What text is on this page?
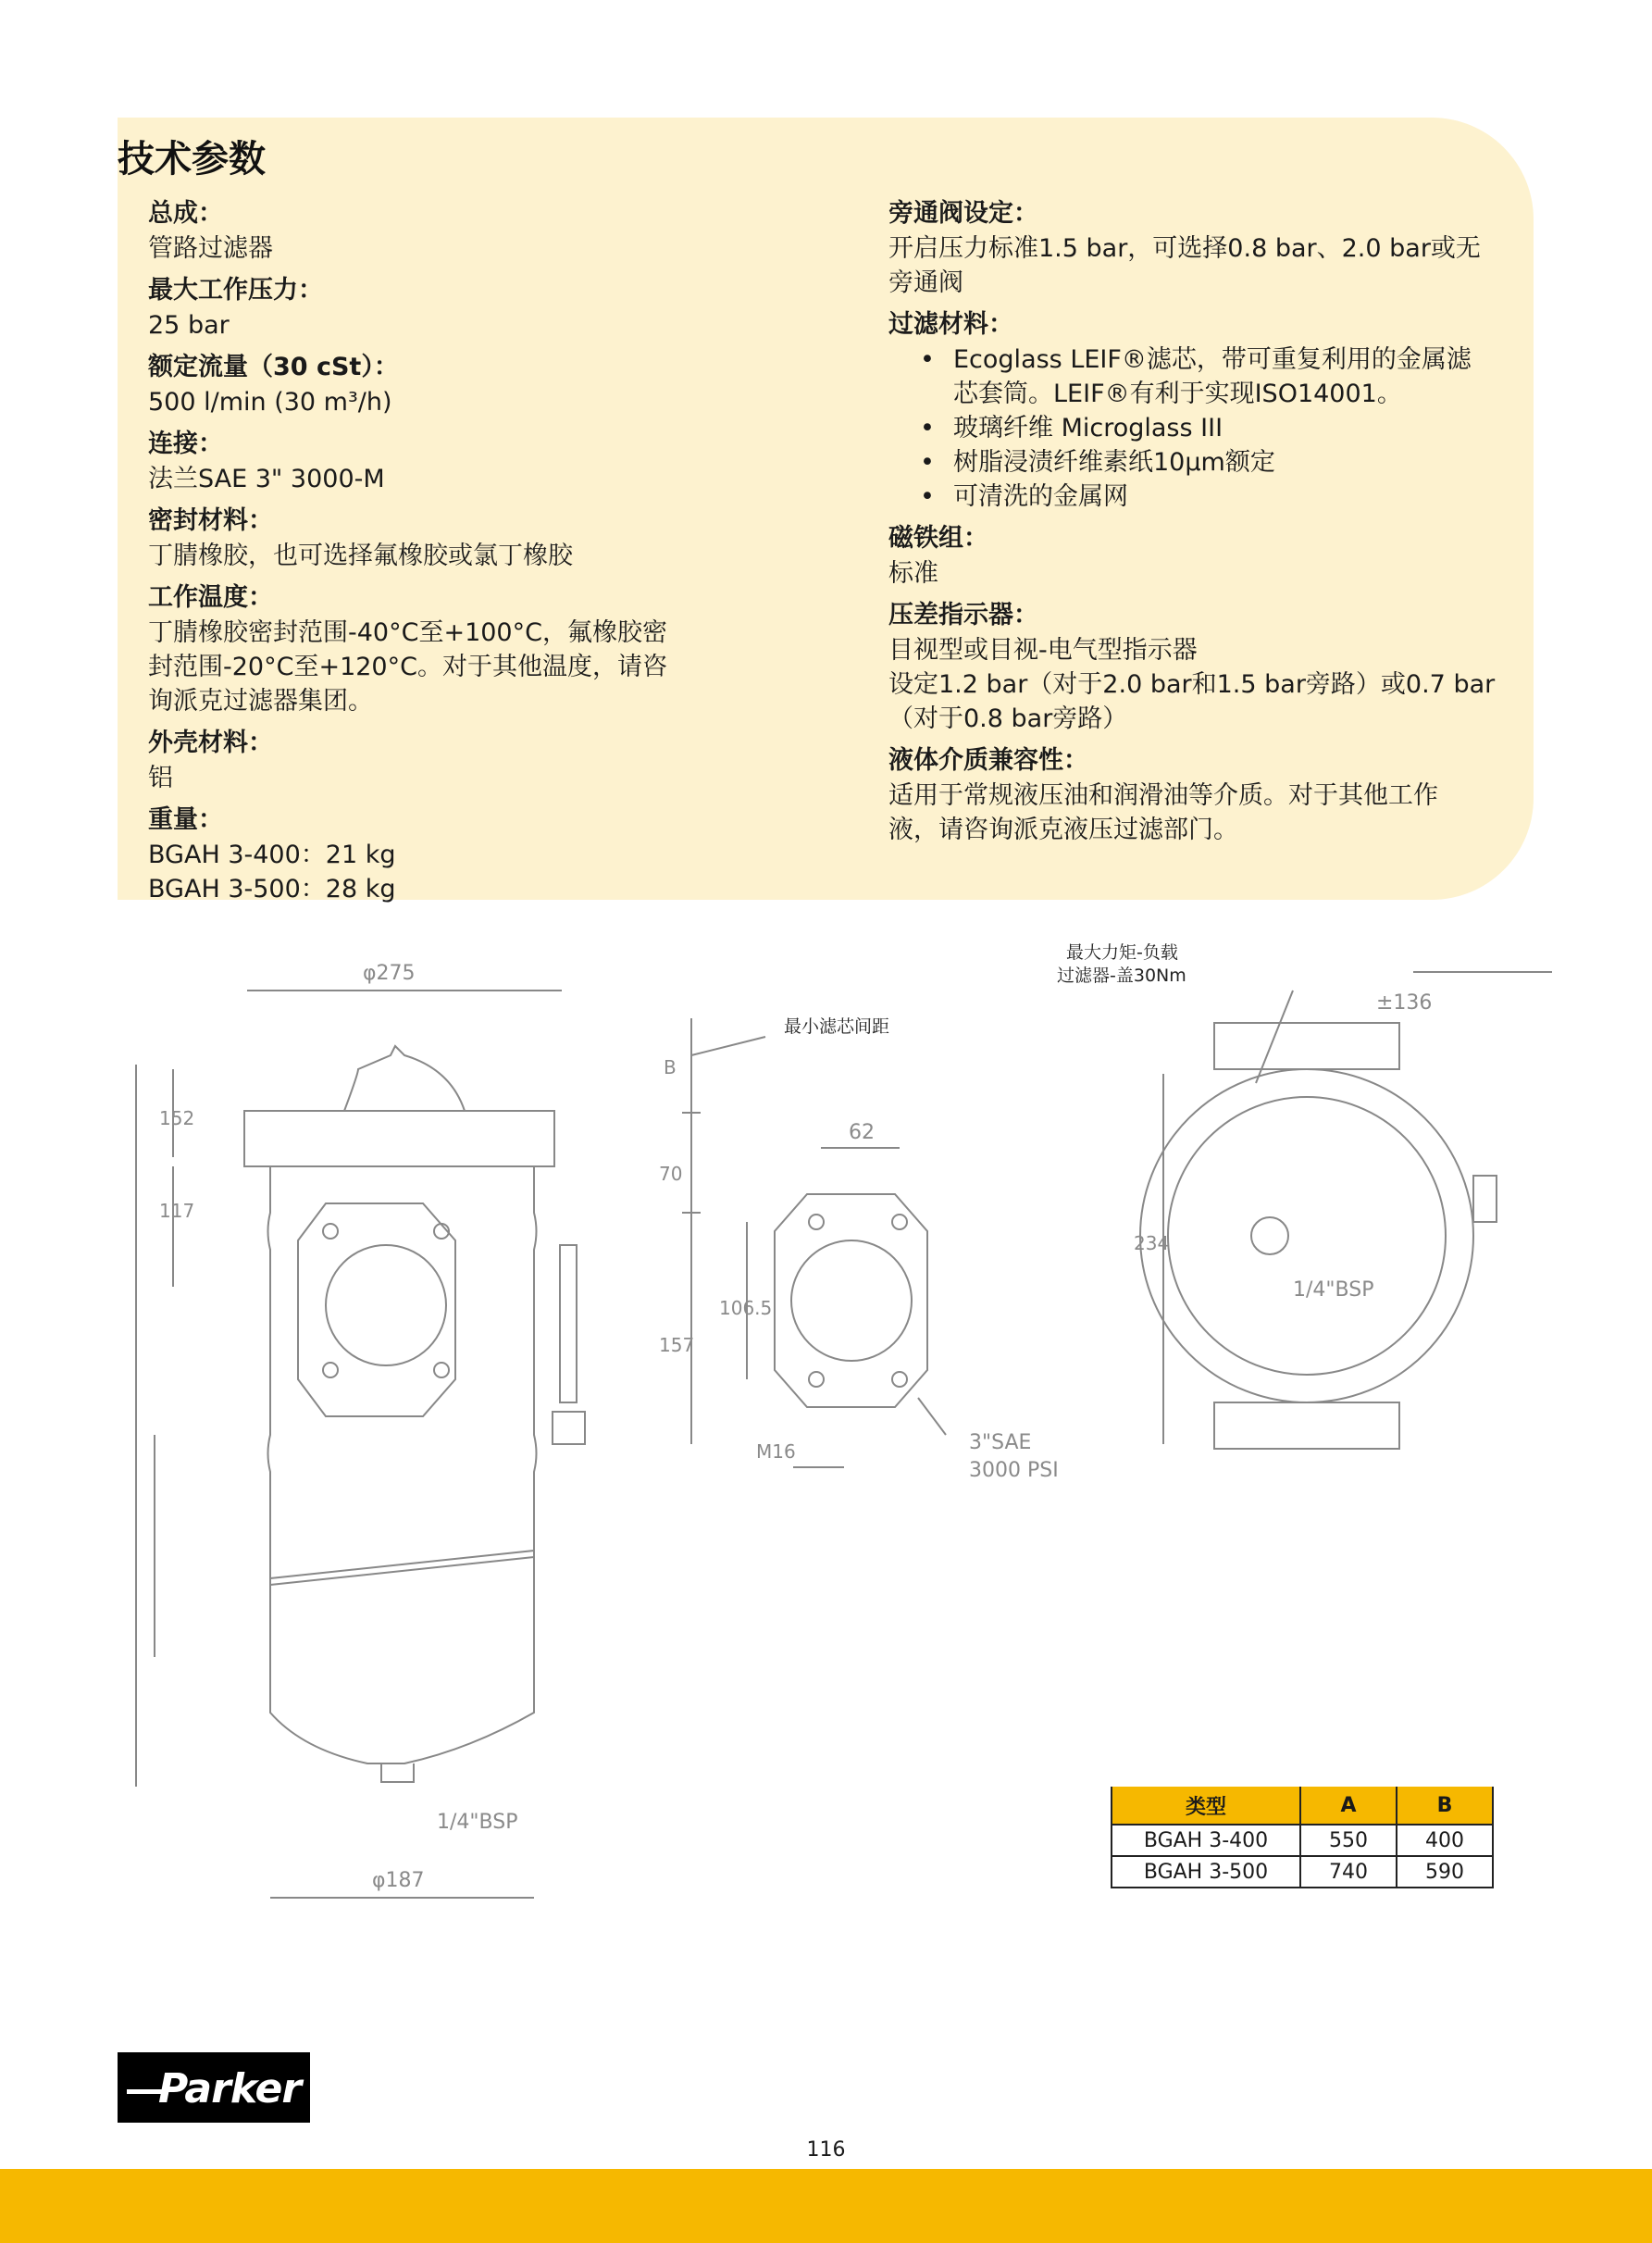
技术参数
总成：
管路过滤器
最大工作压力：
25 bar
额定流量（30 cSt）：
500 l/min (30 m³/h)
连接：
法兰SAE 3" 3000-M
密封材料：
丁腈橡胶，也可选择氟橡胶或氯丁橡胶
工作温度：
丁腈橡胶密封范围-40°C至+100°C，氟橡胶密
封范围-20°C至+120°C。对于其他温度，请咨
询派克过滤器集团。
外壳材料：
铝
重量：
BGAH 3-400：21 kg
BGAH 3-500：28 kg
旁通阀设定：
开启压力标准1.5 bar，可选择0.8 bar、2.0 bar或无
旁通阀
过滤材料：
• Ecoglass LEIF®滤芯，带可重复利用的金属滤
芯套筒。LEIF®有利于实现ISO14001。
• 玻璃纤维 Microglass III
• 树脂浸渍纤维素纸10μm额定
• 可清洗的金属网
磁铁组：
标准
压差指示器：
目视型或目视-电气型指示器
设定1.2 bar（对于2.0 bar和1.5 bar旁路）或0.7 bar
（对于0.8 bar旁路）
液体介质兼容性：
适用于常规液压油和润滑油等介质。对于其他工作
液，请咨询派克液压过滤部门。
φ275
φ187
152
117
B
70
157
62
106.5
M16	3"SAE
3000 PSI
1/4"BSP
1/4"BSP
±136
234
最小滤芯间距
最大力矩-负载
过滤器-盖30Nm
类型	A	B
BGAH 3-400	550	400
BGAH 3-500	740	590
Parker
116
